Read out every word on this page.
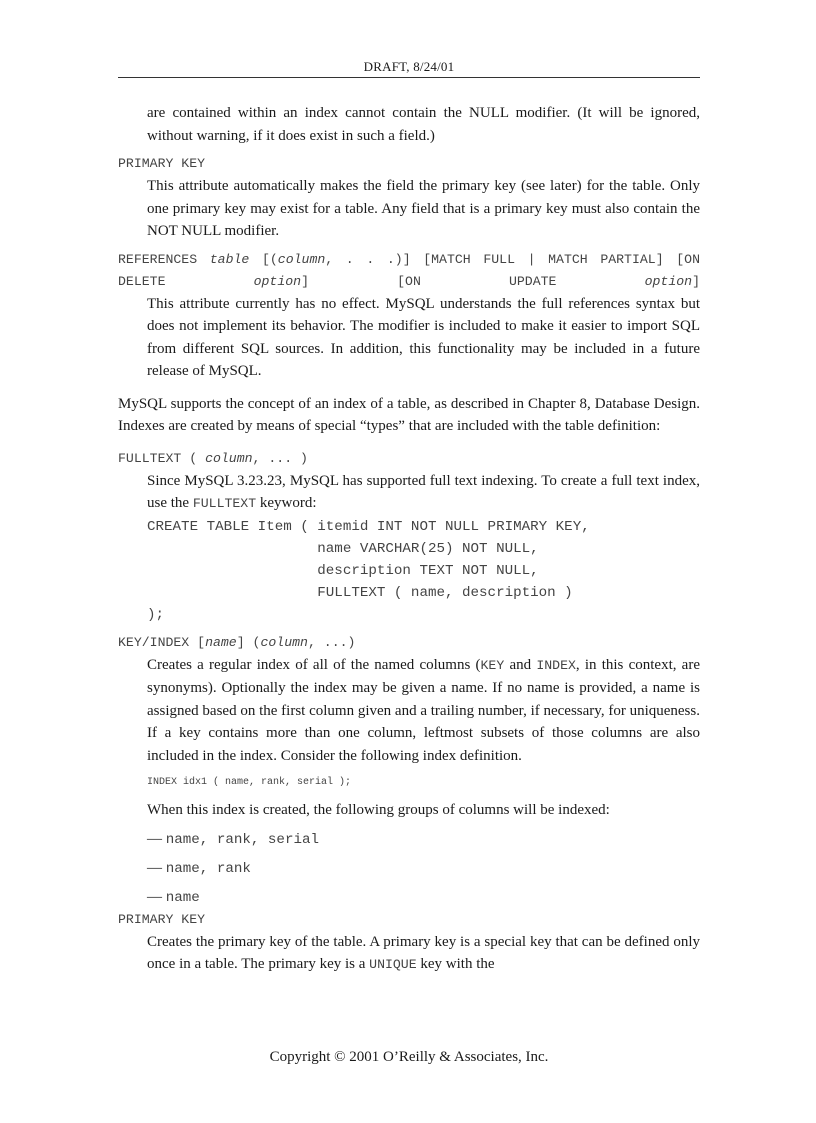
DRAFT, 8/24/01

are contained within an index cannot contain the NULL modifier. (It will be ignored, without warning, if it does exist in such a field.)

PRIMARY KEY

This attribute automatically makes the field the primary key (see later) for the table. Only one primary key may exist for a table. Any field that is a primary key must also contain the NOT NULL modifier.

REFERENCES table [(column, . . .)] [MATCH FULL | MATCH PARTIAL] [ON DELETE option] [ON UPDATE option]

This attribute currently has no effect. MySQL understands the full references syntax but does not implement its behavior. The modifier is included to make it easier to import SQL from different SQL sources. In addition, this functionality may be included in a future release of MySQL.

MySQL supports the concept of an index of a table, as described in Chapter 8, Database Design. Indexes are created by means of special “types” that are included with the table definition:

FULLTEXT ( column, ... )

Since MySQL 3.23.23, MySQL has supported full text indexing. To create a full text index, use the FULLTEXT keyword:

CREATE TABLE Item ( itemid INT NOT NULL PRIMARY KEY,
name VARCHAR(25) NOT NULL,
description TEXT NOT NULL,
FULLTEXT ( name, description )
);

KEY/INDEX [name] (column, ...)

Creates a regular index of all of the named columns (KEY and INDEX, in this context, are synonyms). Optionally the index may be given a name. If no name is provided, a name is assigned based on the first column given and a trailing number, if necessary, for uniqueness. If a key contains more than one column, leftmost subsets of those columns are also included in the index. Consider the following index definition.

INDEX idx1 ( name, rank, serial );

When this index is created, the following groups of columns will be indexed:

— name, rank, serial

— name, rank

— name

PRIMARY KEY

Creates the primary key of the table. A primary key is a special key that can be defined only once in a table. The primary key is a UNIQUE key with the

Copyright © 2001 O’Reilly & Associates, Inc.
